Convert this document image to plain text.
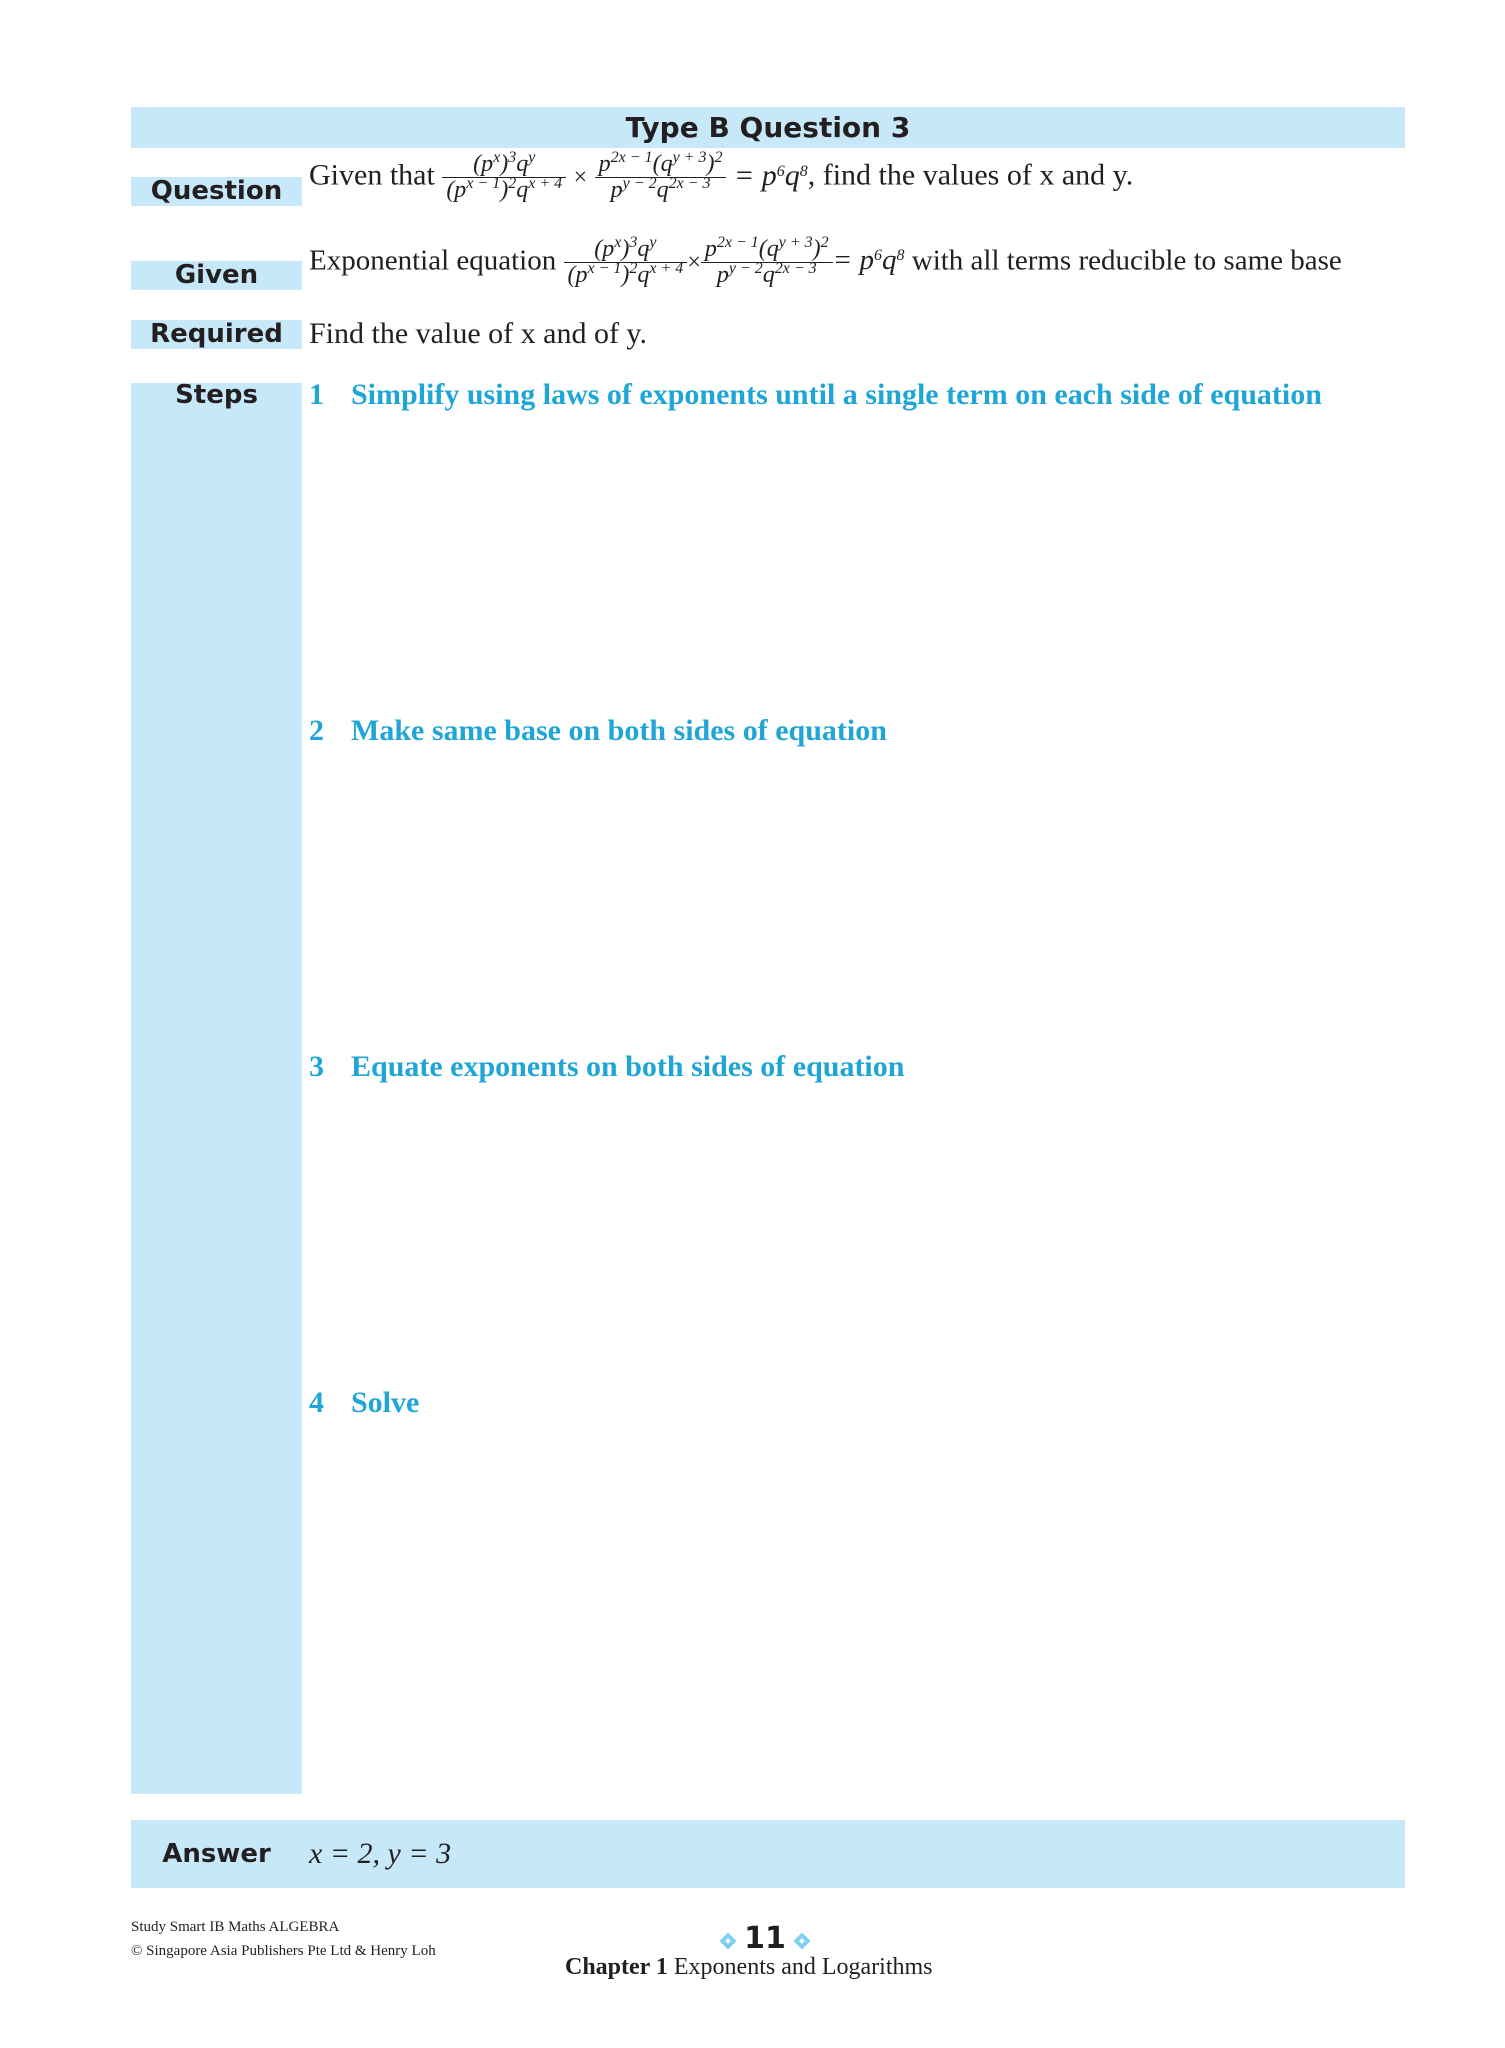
Type B Question 3
Question Given that $\frac{(p^x)^3q^y}{(p^{x - 1})^2q^{x + 4}} \times \frac{p^{2x - 1}(q^{y + 3})^2}{p^{y - 2}q^{2x - 3}} = p^6q^8$, find the values of x and y.
Given	Exponential equation $\frac{(p^x)^3q^y}{(p^{x - 1})^2q^{x + 4}} \times \frac{p^{2x - 1}(q^{y + 3})^2}{p^{y - 2}q^{2x - 3}} = p^6q^8$ with all terms reducible to same base
Required Find the value of x and of y.
Steps	1 Simplify using laws of exponents until a single term on each side of equation
2 Make same base on both sides of equation
3 Equate exponents on both sides of equation
4 Solve
Answer	x = 2, y = 3
Study Smart IB Maths ALGEBRA
© Singapore Asia Publishers Pte Ltd & Henry Loh	11
Chapter 1 Exponents and Logarithms
